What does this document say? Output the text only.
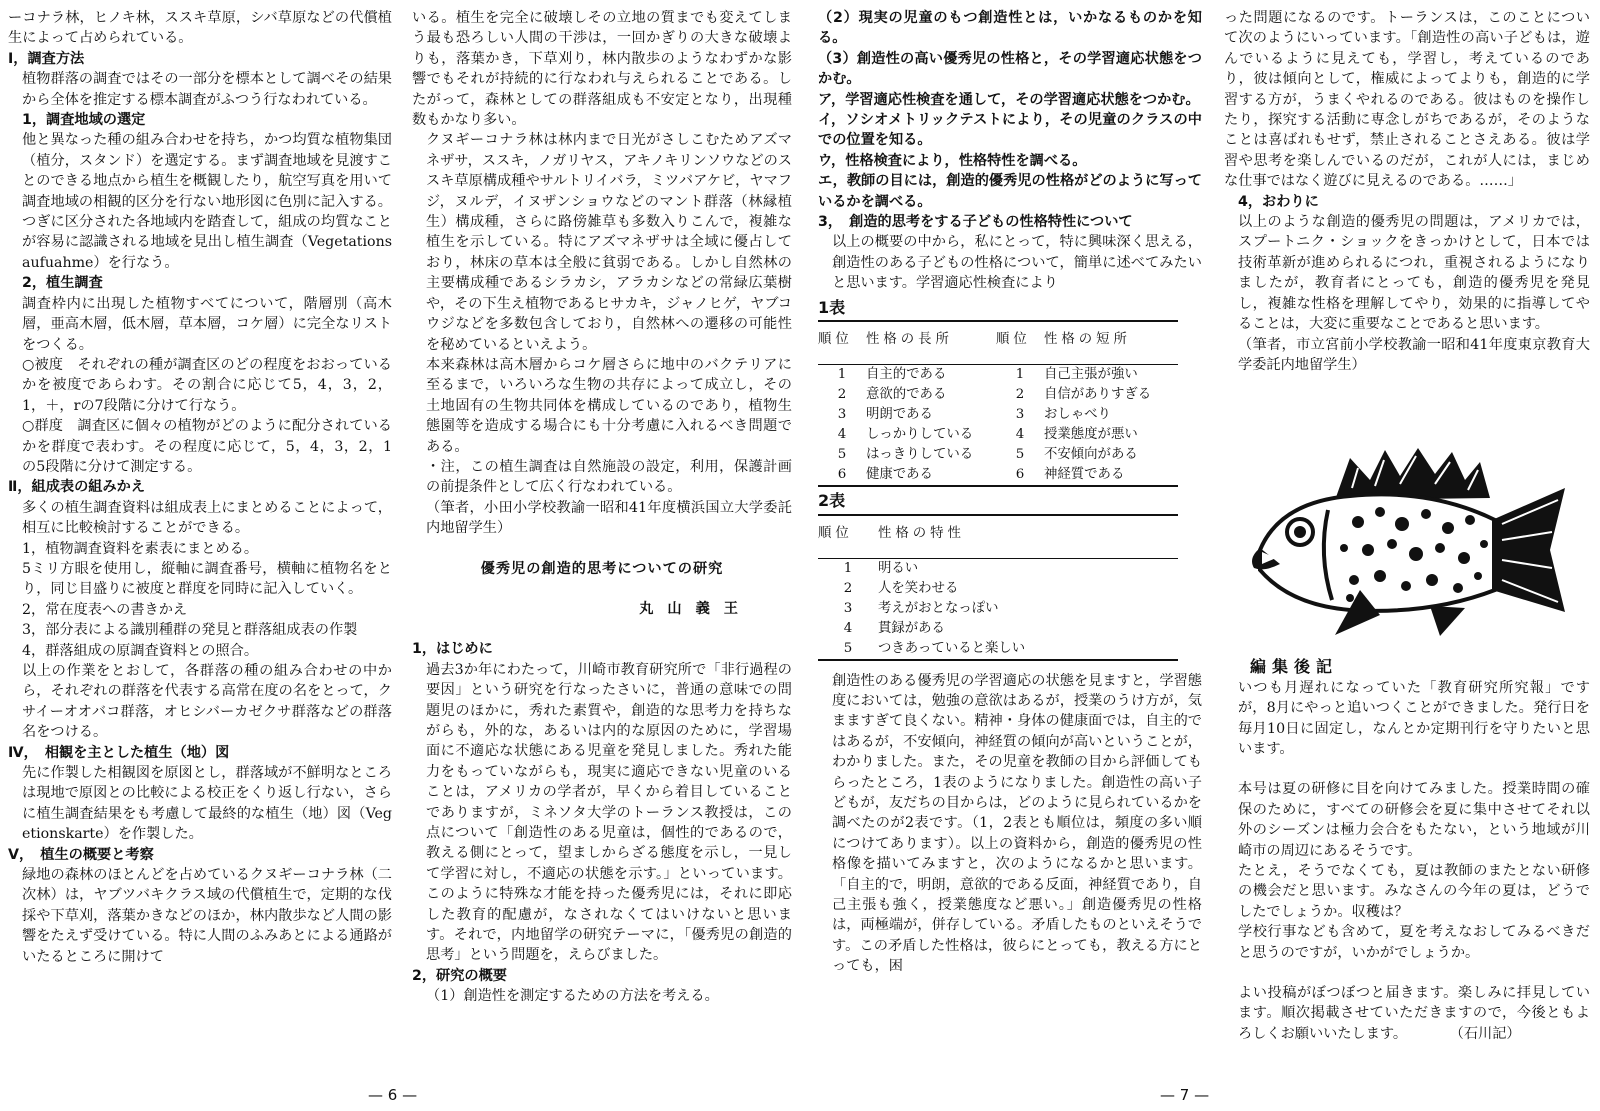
ーコナラ林，ヒノキ林，ススキ草原，シバ草原などの代償植生によって占められている。

Ⅰ，調査方法

植物群落の調査ではその一部分を標本として調べその結果から全体を推定する標本調査がふつう行なわれている。

1，調査地域の選定

他と異なった種の組み合わせを持ち，かつ均質な植物集団（植分，スタンド）を選定する。まず調査地域を見渡すことのできる地点から植生を概観したり，航空写真を用いて調査地域の相観的区分を行ない地形図に色別に記入する。つぎに区分された各地域内を踏査して，組成の均質なことが容易に認識される地域を見出し植生調査（Vegetationsaufuahme）を行なう。

2，植生調査

調査枠内に出現した植物すべてについて，階層別（高木層，亜高木層，低木層，草本層，コケ層）に完全なリストをつくる。

○被度　それぞれの種が調査区のどの程度をおおっているかを被度であらわす。その割合に応じて5，4，3，2，1，＋，rの7段階に分けて行なう。

○群度　調査区に個々の植物がどのように配分されているかを群度で表わす。その程度に応じて，5，4，3，2，1の5段階に分けて測定する。

Ⅱ，組成表の組みかえ

多くの植生調査資料は組成表上にまとめることによって，相互に比較検討することができる。

1，植物調査資料を素表にまとめる。

5ミリ方眼を使用し，縦軸に調査番号，横軸に植物名をとり，同じ目盛りに被度と群度を同時に記入していく。

2，常在度表への書きかえ

3，部分表による識別種群の発見と群落組成表の作製

4，群落組成の原調査資料との照合。

以上の作業をとおして，各群落の種の組み合わせの中から，それぞれの群落を代表する高常在度の名をとって，クサイーオオバコ群落，オヒシバーカゼクサ群落などの群落名をつける。

Ⅳ，　相観を主とした植生（地）図

先に作製した相観図を原図とし，群落域が不鮮明なところは現地で原図との比較による校正をくり返し行ない，さらに植生調査結果をも考慮して最終的な植生（地）図（Vegetionskarte）を作製した。

Ⅴ，　植生の概要と考察

緑地の森林のほとんどを占めているクヌギーコナラ林（二次林）は，ヤブツバキクラス域の代償植生で，定期的な伐採や下草刈，落葉かきなどのほか，林内散歩など人間の影響をたえず受けている。特に人間のふみあとによる通路がいたるところに開けて

いる。植生を完全に破壊しその立地の質までも変えてしまう最も恐ろしい人間の干渉は，一回かぎりの大きな破壊よりも，落葉かき，下草刈り，林内散歩のようなわずかな影響でもそれが持続的に行なわれ与えられることである。したがって，森林としての群落組成も不安定となり，出現種数もかなり多い。

クヌギーコナラ林は林内まで日光がさしこむためアズマネザサ，ススキ，ノガリヤス，アキノキリンソウなどのススキ草原構成種やサルトリイバラ，ミツバアケビ，ヤマフジ，ヌルデ，イヌザンショウなどのマント群落（林縁植生）構成種，さらに路傍雑草も多数入りこんで，複雑な植生を示している。特にアズマネザサは全域に優占しており，林床の草本は全般に貧弱である。しかし自然林の主要構成種であるシラカシ，アラカシなどの常緑広葉樹や，その下生え植物であるヒサカキ，ジャノヒゲ，ヤブコウジなどを多数包含しており，自然林への遷移の可能性を秘めているといえよう。

本来森林は高木層からコケ層さらに地中のバクテリアに至るまで，いろいろな生物の共存によって成立し，その土地固有の生物共同体を構成しているのであり，植物生態園等を造成する場合にも十分考慮に入れるべき問題である。

・注，この植生調査は自然施設の設定，利用，保護計画の前提条件として広く行なわれている。

（筆者，小田小学校教諭一昭和41年度横浜国立大学委託内地留学生）

優秀児の創造的思考についての研究

丸山義王

1，はじめに

過去3か年にわたって，川崎市教育研究所で「非行過程の要因」という研究を行なったさいに，普通の意味での問題児のほかに，秀れた素質や，創造的な思考力を持ちながらも，外的な，あるいは内的な原因のために，学習場面に不適応な状態にある児童を発見しました。秀れた能力をもっていながらも，現実に適応できない児童のいることは，アメリカの学者が，早くから着目していることでありますが，ミネソタ大学のトーランス教授は，この点について「創造性のある児童は，個性的であるので，教える側にとって，望ましからざる態度を示し，一見して学習に対し，不適応の状態を示す。」といっています。このように特殊な才能を持った優秀児には，それに即応した教育的配慮が，なされなくてはいけないと思います。それで，内地留学の研究テーマに，「優秀児の創造的思考」という問題を，えらびました。

2，研究の概要

（1）創造性を測定するための方法を考える。

（2）現実の児童のもつ創造性とは，いかなるものかを知る。

（3）創造性の高い優秀児の性格と，その学習適応状態をつかむ。

ア，学習適応性検査を通して，その学習適応状態をつかむ。

イ，ソシオメトリックテストにより，その児童のクラスの中での位置を知る。

ウ，性格検査により，性格特性を調べる。

エ，教師の目には，創造的優秀児の性格がどのように写っているかを調べる。

3，　創造的思考をする子どもの性格特性について

以上の概要の中から，私にとって，特に興味深く思える，創造性のある子どもの性格について，簡単に述べてみたいと思います。学習適応性検査により

1表
順位	性格の長所	順位	性格の短所
1	自主的である	1	自己主張が強い
2	意欲的である	2	自信がありすぎる
3	明朗である	3	おしゃべり
4	しっかりしている	4	授業態度が悪い
5	はっきりしている	5	不安傾向がある
6	健康である	6	神経質である
2表
順位	性格の特性
1	明るい
2	人を笑わせる
3	考えがおとなっぽい
4	貫録がある
5	つきあっていると楽しい

創造性のある優秀児の学習適応の状態を見ますと，学習態度においては，勉強の意欲はあるが，授業のうけ方が，気まますぎて良くない。精神・身体の健康面では，自主的ではあるが，不安傾向，神経質の傾向が高いということが，わかりました。また，その児童を教師の目から評価してもらったところ，1表のようになりました。創造性の高い子どもが，友だちの目からは，どのように見られているかを調べたのが2表です。（1，2表とも順位は，頻度の多い順につけてあります）。以上の資料から，創造的優秀児の性格像を描いてみますと，次のようになるかと思います。「自主的で，明朗，意欲的である反面，神経質であり，自己主張も強く，授業態度など悪い。」創造優秀児の性格は，両極端が，併存している。矛盾したものといえそうです。この矛盾した性格は，彼らにとっても，教える方にとっても，困

った問題になるのです。トーランスは，このことについて次のようにいっています。「創造性の高い子どもは，遊んでいるように見えても，学習し，考えているのであり，彼は傾向として，権威によってよりも，創造的に学習する方が，うまくやれるのである。彼はものを操作したり，探究する活動に専念しがちであるが，そのようなことは喜ばれもせず，禁止されることさえある。彼は学習や思考を楽しんでいるのだが，これが人には，まじめな仕事ではなく遊びに見えるのである。……」

4，おわりに

以上のような創造的優秀児の問題は，アメリカでは，スプートニク・ショックをきっかけとして，日本では技術革新が進められるにつれ，重視されるようになりましたが，教育者にとっても，創造的優秀児を発見し，複雑な性格を理解してやり，効果的に指導してやることは，大変に重要なことであると思います。

（筆者，市立宮前小学校教諭一昭和41年度東京教育大学委託内地留学生）

編集後記

いつも月遅れになっていた「教育研究所究報」ですが，8月にやっと追いつくことができました。発行日を毎月10日に固定し，なんとか定期刊行を守りたいと思います。

本号は夏の研修に目を向けてみました。授業時間の確保のために，すべての研修会を夏に集中させてそれ以外のシーズンは極力会合をもたない，という地域が川崎市の周辺にあるそうです。

たとえ，そうでなくても，夏は教師のまたとない研修の機会だと思います。みなさんの今年の夏は，どうでしたでしょうか。収穫は？

学校行事なども含めて，夏を考えなおしてみるべきだと思うのですが，いかがでしょうか。

よい投稿がぼつぼつと届きます。楽しみに拝見しています。順次掲載させていただきますので，今後ともよろしくお願いいたします。　　　　（石川記）

— 6 —	— 7 —
